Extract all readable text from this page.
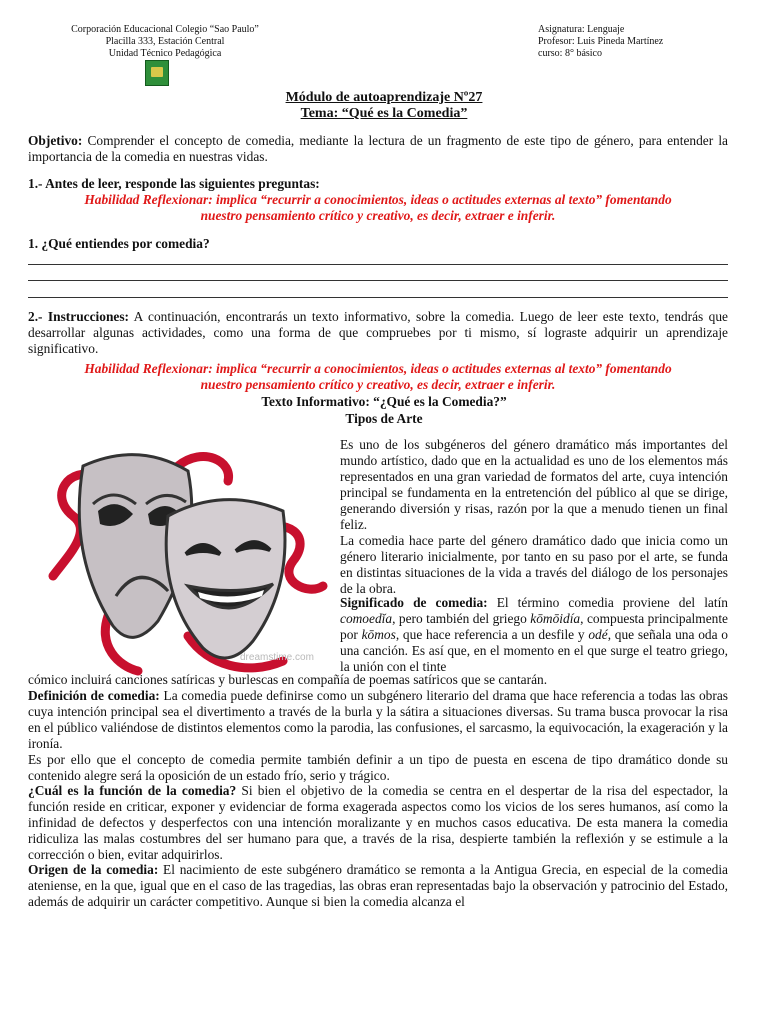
Corporación Educacional Colegio “Sao Paulo”
Placilla 333, Estación Central
Unidad Técnico Pedagógica
Asignatura: Lenguaje
Profesor: Luis Pineda Martínez
curso: 8° básico
Módulo de autoaprendizaje Nº27
Tema: “Qué es la Comedia”
Objetivo: Comprender el concepto de comedia, mediante la lectura de un fragmento de este tipo de género, para entender la importancia de la comedia en nuestras vidas.
1.- Antes de leer, responde las siguientes preguntas:
Habilidad Reflexionar: implica “recurrir a conocimientos, ideas o actitudes externas al texto” fomentando
nuestro pensamiento crítico y creativo, es decir, extraer e inferir.
1. ¿Qué entiendes por comedia?
2.- Instrucciones: A continuación, encontrarás un texto informativo, sobre la comedia. Luego de leer este texto, tendrás que desarrollar algunas actividades, como una forma de que compruebes por ti mismo, sí lograste adquirir un aprendizaje significativo.
Habilidad Reflexionar: implica “recurrir a conocimientos, ideas o actitudes externas al texto” fomentando
nuestro pensamiento crítico y creativo, es decir, extraer e inferir.
Texto Informativo: “¿Qué es la Comedia?”
Tipos de Arte
dreamstime.com
Es uno de los subgéneros del género dramático más importantes del mundo artístico, dado que en la actualidad es uno de los elementos más representados en una gran variedad de formatos del arte, cuya intención principal se fundamenta en la entretención del público al que se dirige, generando diversión y risas, razón por la que a menudo tienen un final feliz.
La comedia hace parte del género dramático dado que inicia como un género literario inicialmente, por tanto en su paso por el arte, se funda en distintas situaciones de la vida a través del diálogo de los personajes de la obra.
Significado de comedia: El término comedia proviene del latín comoedĭa, pero también del griego kōmōidía, compuesta principalmente por kōmos, que hace referencia a un desfile y odé, que señala una oda o una canción. Es así que, en el momento en el que surge el teatro griego, la unión con el tinte
cómico incluirá canciones satíricas y burlescas en compañía de poemas satíricos que se cantarán.
Definición de comedia: La comedia puede definirse como un subgénero literario del drama que hace referencia a todas las obras cuya intención principal sea el divertimento a través de la burla y la sátira a situaciones diversas. Su trama busca provocar la risa en el público valiéndose de distintos elementos como la parodia, las confusiones, el sarcasmo, la equivocación, la exageración y la ironía.
Es por ello que el concepto de comedia permite también definir a un tipo de puesta en escena de tipo dramático donde su contenido alegre será la oposición de un estado frío, serio y trágico.
¿Cuál es la función de la comedia? Si bien el objetivo de la comedia se centra en el despertar de la risa del espectador, la función reside en criticar, exponer y evidenciar de forma exagerada aspectos como los vicios de los seres humanos, así como la infinidad de defectos y desperfectos con una intención moralizante y en muchos casos educativa. De esta manera la comedia ridiculiza las malas costumbres del ser humano para que, a través de la risa, despierte también la reflexión y se estimule a la corrección o bien, evitar adquirirlos.
Origen de la comedia: El nacimiento de este subgénero dramático se remonta a la Antigua Grecia, en especial de la comedia ateniense, en la que, igual que en el caso de las tragedias, las obras eran representadas bajo la observación y patrocinio del Estado, además de adquirir un carácter competitivo. Aunque si bien la comedia alcanza el
